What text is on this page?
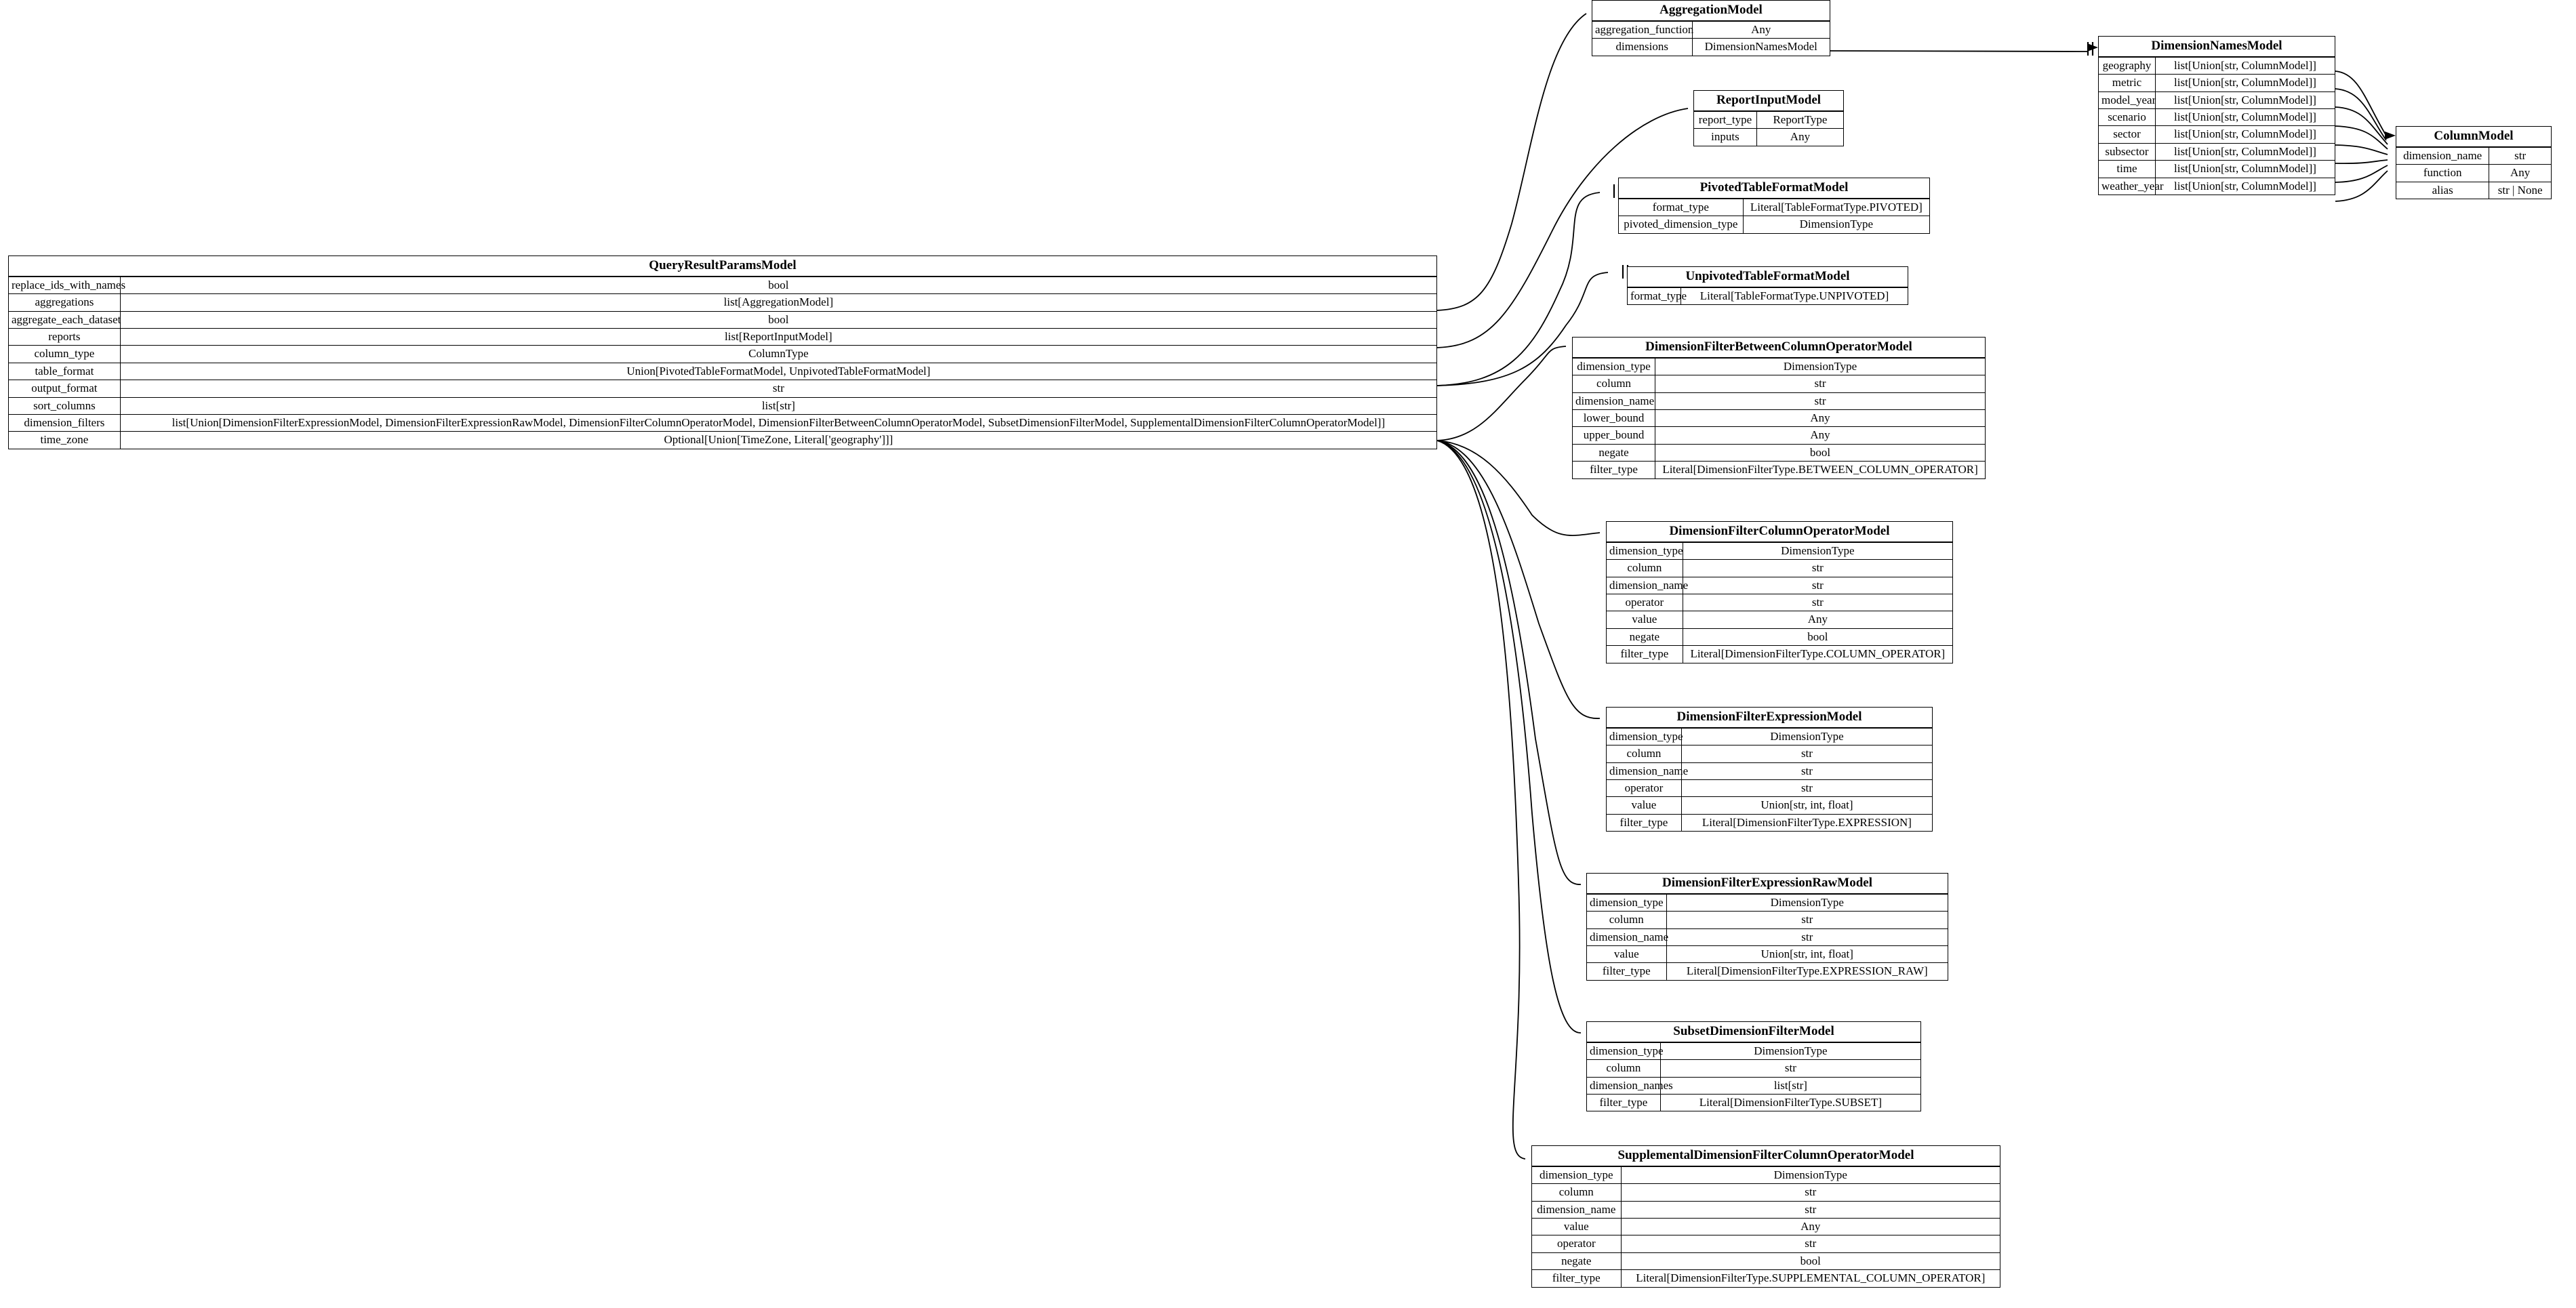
AggregationModel
aggregation_function	Any
dimensions	DimensionNamesModel
ReportInputModel
report_type	ReportType
inputs	Any
PivotedTableFormatModel
format_type	Literal[TableFormatType.PIVOTED]
pivoted_dimension_type	DimensionType
UnpivotedTableFormatModel
format_type	Literal[TableFormatType.UNPIVOTED]
DimensionNamesModel
geography	list[Union[str, ColumnModel]]
metric	list[Union[str, ColumnModel]]
model_year	list[Union[str, ColumnModel]]
scenario	list[Union[str, ColumnModel]]
sector	list[Union[str, ColumnModel]]
subsector	list[Union[str, ColumnModel]]
time	list[Union[str, ColumnModel]]
weather_year	list[Union[str, ColumnModel]]
ColumnModel
dimension_name	str
function	Any
alias	str | None
QueryResultParamsModel
replace_ids_with_names	bool
aggregations	list[AggregationModel]
aggregate_each_dataset	bool
reports	list[ReportInputModel]
column_type	ColumnType
table_format	Union[PivotedTableFormatModel, UnpivotedTableFormatModel]
output_format	str
sort_columns	list[str]
dimension_filters	list[Union[DimensionFilterExpressionModel, DimensionFilterExpressionRawModel, DimensionFilterColumnOperatorModel, DimensionFilterBetweenColumnOperatorModel, SubsetDimensionFilterModel, SupplementalDimensionFilterColumnOperatorModel]]
time_zone	Optional[Union[TimeZone, Literal['geography']]]
DimensionFilterBetweenColumnOperatorModel
dimension_type	DimensionType
column	str
dimension_name	str
lower_bound	Any
upper_bound	Any
negate	bool
filter_type	Literal[DimensionFilterType.BETWEEN_COLUMN_OPERATOR]
DimensionFilterColumnOperatorModel
dimension_type	DimensionType
column	str
dimension_name	str
operator	str
value	Any
negate	bool
filter_type	Literal[DimensionFilterType.COLUMN_OPERATOR]
DimensionFilterExpressionModel
dimension_type	DimensionType
column	str
dimension_name	str
operator	str
value	Union[str, int, float]
filter_type	Literal[DimensionFilterType.EXPRESSION]
DimensionFilterExpressionRawModel
dimension_type	DimensionType
column	str
dimension_name	str
value	Union[str, int, float]
filter_type	Literal[DimensionFilterType.EXPRESSION_RAW]
SubsetDimensionFilterModel
dimension_type	DimensionType
column	str
dimension_names	list[str]
filter_type	Literal[DimensionFilterType.SUBSET]
SupplementalDimensionFilterColumnOperatorModel
dimension_type	DimensionType
column	str
dimension_name	str
value	Any
operator	str
negate	bool
filter_type	Literal[DimensionFilterType.SUPPLEMENTAL_COLUMN_OPERATOR]
